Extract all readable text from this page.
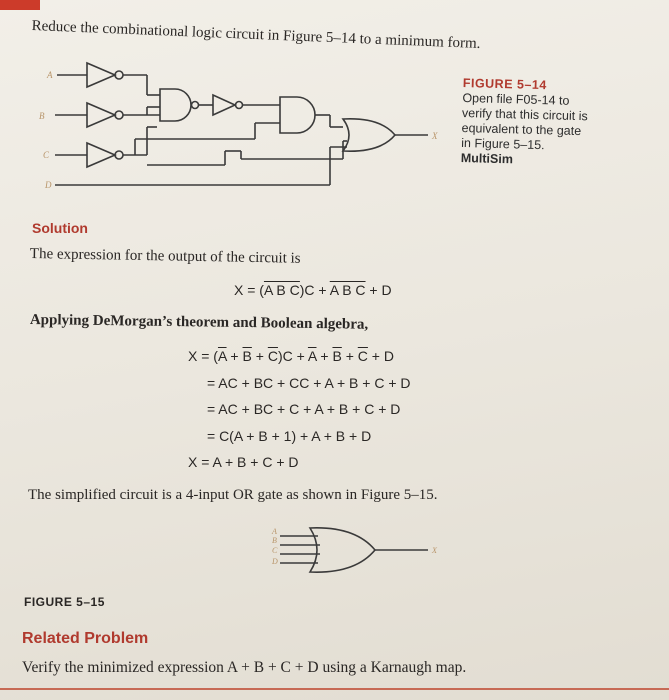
Reduce the combinational logic circuit in Figure 5–14 to a minimum form.
A
B
C
D
X
FIGURE 5–14
Open file F05-14 to
verify that this circuit is
equivalent to the gate
in Figure 5–15.
MultiSim
Solution
The expression for the output of the circuit is
X = (A B C)C + A B C + D
Applying DeMorgan’s theorem and Boolean algebra,
$X = (\overline{A} + \overline{B} + \overline{C})C + \overline{A} + \overline{B} + \overline{C} + D$
= AC + BC + CC + A + B + C + D
= AC + BC + C + A + B + C + D
= C(A + B + 1) + A + B + D
X = A + B + C + D
The simplified circuit is a 4-input OR gate as shown in Figure 5–15.
A
B
C
D
X
FIGURE 5–15
Related Problem
Verify the minimized expression A + B + C + D using a Karnaugh map.
